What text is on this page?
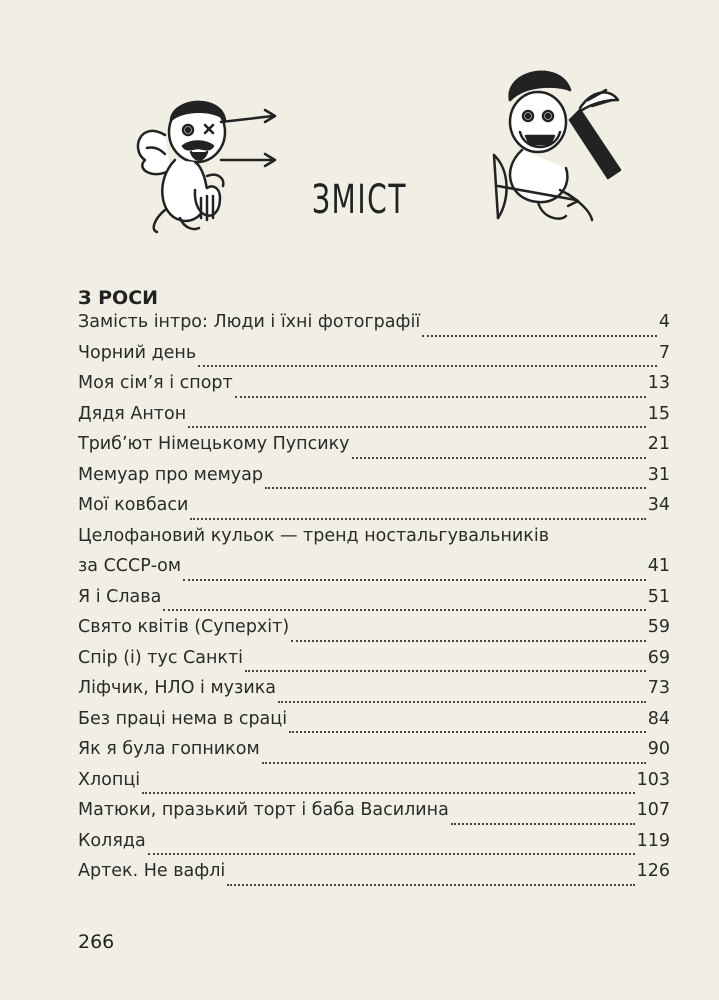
ЗМІСТ
З РОСИ
Замість інтро: Люди і їхні фотографії	4
Чорний день	7
Моя сім’я і спорт	13
Дядя Антон	15
Трибʼют Німецькому Пупсику	21
Мемуар про мемуар	31
Мої ковбаси	34
Целофановий кульок — тренд ностальгувальників
за СССР-ом	41
Я і Слава	51
Свято квітів (Суперхіт)	59
Спір (і) тус Санкті	69
Ліфчик, НЛО і музика	73
Без праці нема в сраці	84
Як я була гопником	90
Хлопці	103
Матюки, празький торт і баба Василина	107
Коляда	119
Артек. Не вафлі	126
266
